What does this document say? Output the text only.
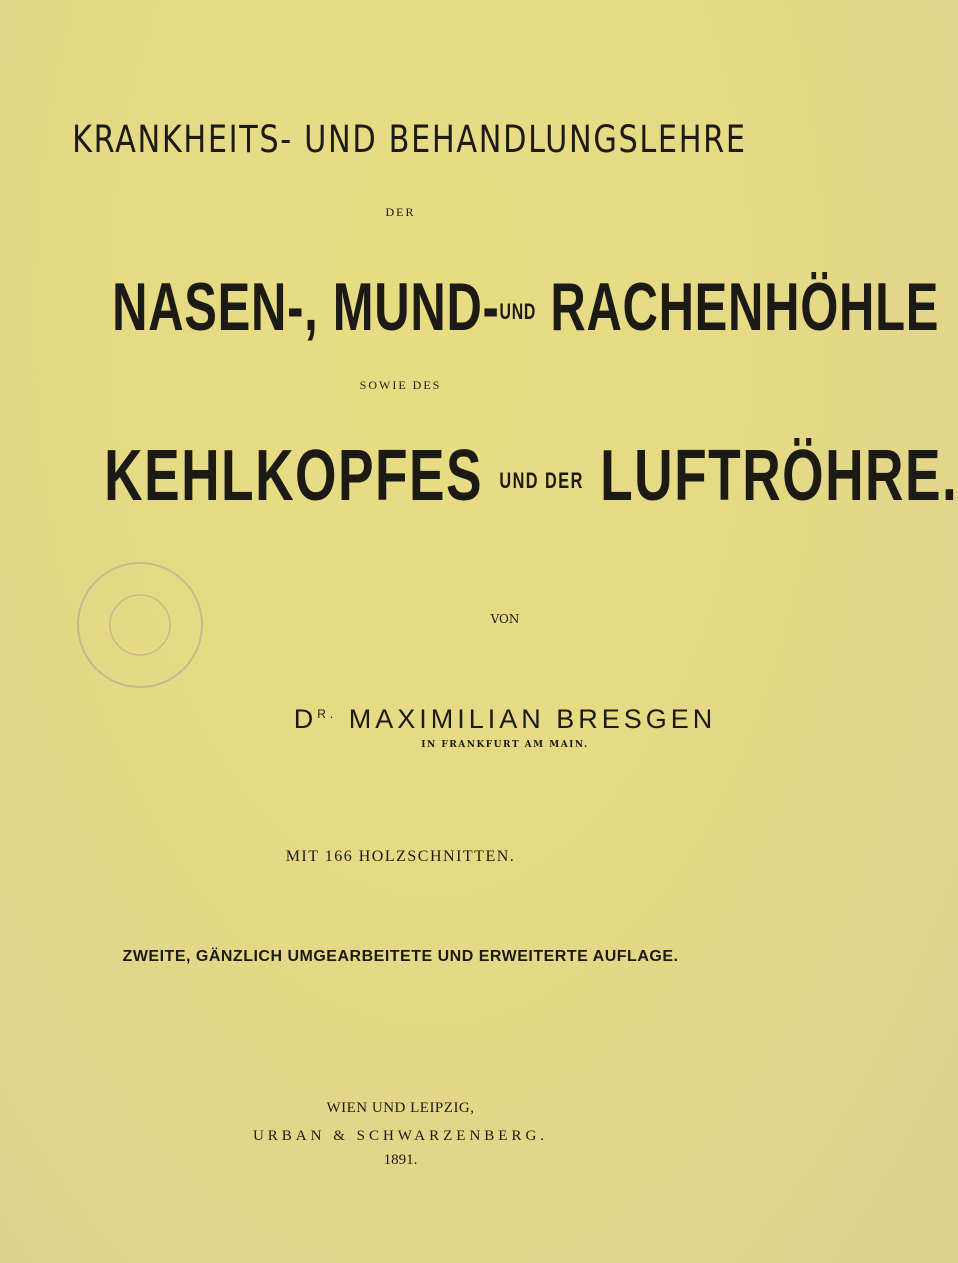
KRANKHEITS- UND BEHANDLUNGSLEHRE
DER
NASEN-, MUND-UND RACHENHÖHLE
SOWIE DES
KEHLKOPFES UND DER LUFTRÖHRE.
VON
$D^{R.}$ MAXIMILIAN BRESGEN
IN FRANKFURT AM MAIN.
MIT 166 HOLZSCHNITTEN.
ZWEITE, GÄNZLICH UMGEARBEITETE UND ERWEITERTE AUFLAGE.
WIEN UND LEIPZIG,
URBAN & SCHWARZENBERG.
1891.
